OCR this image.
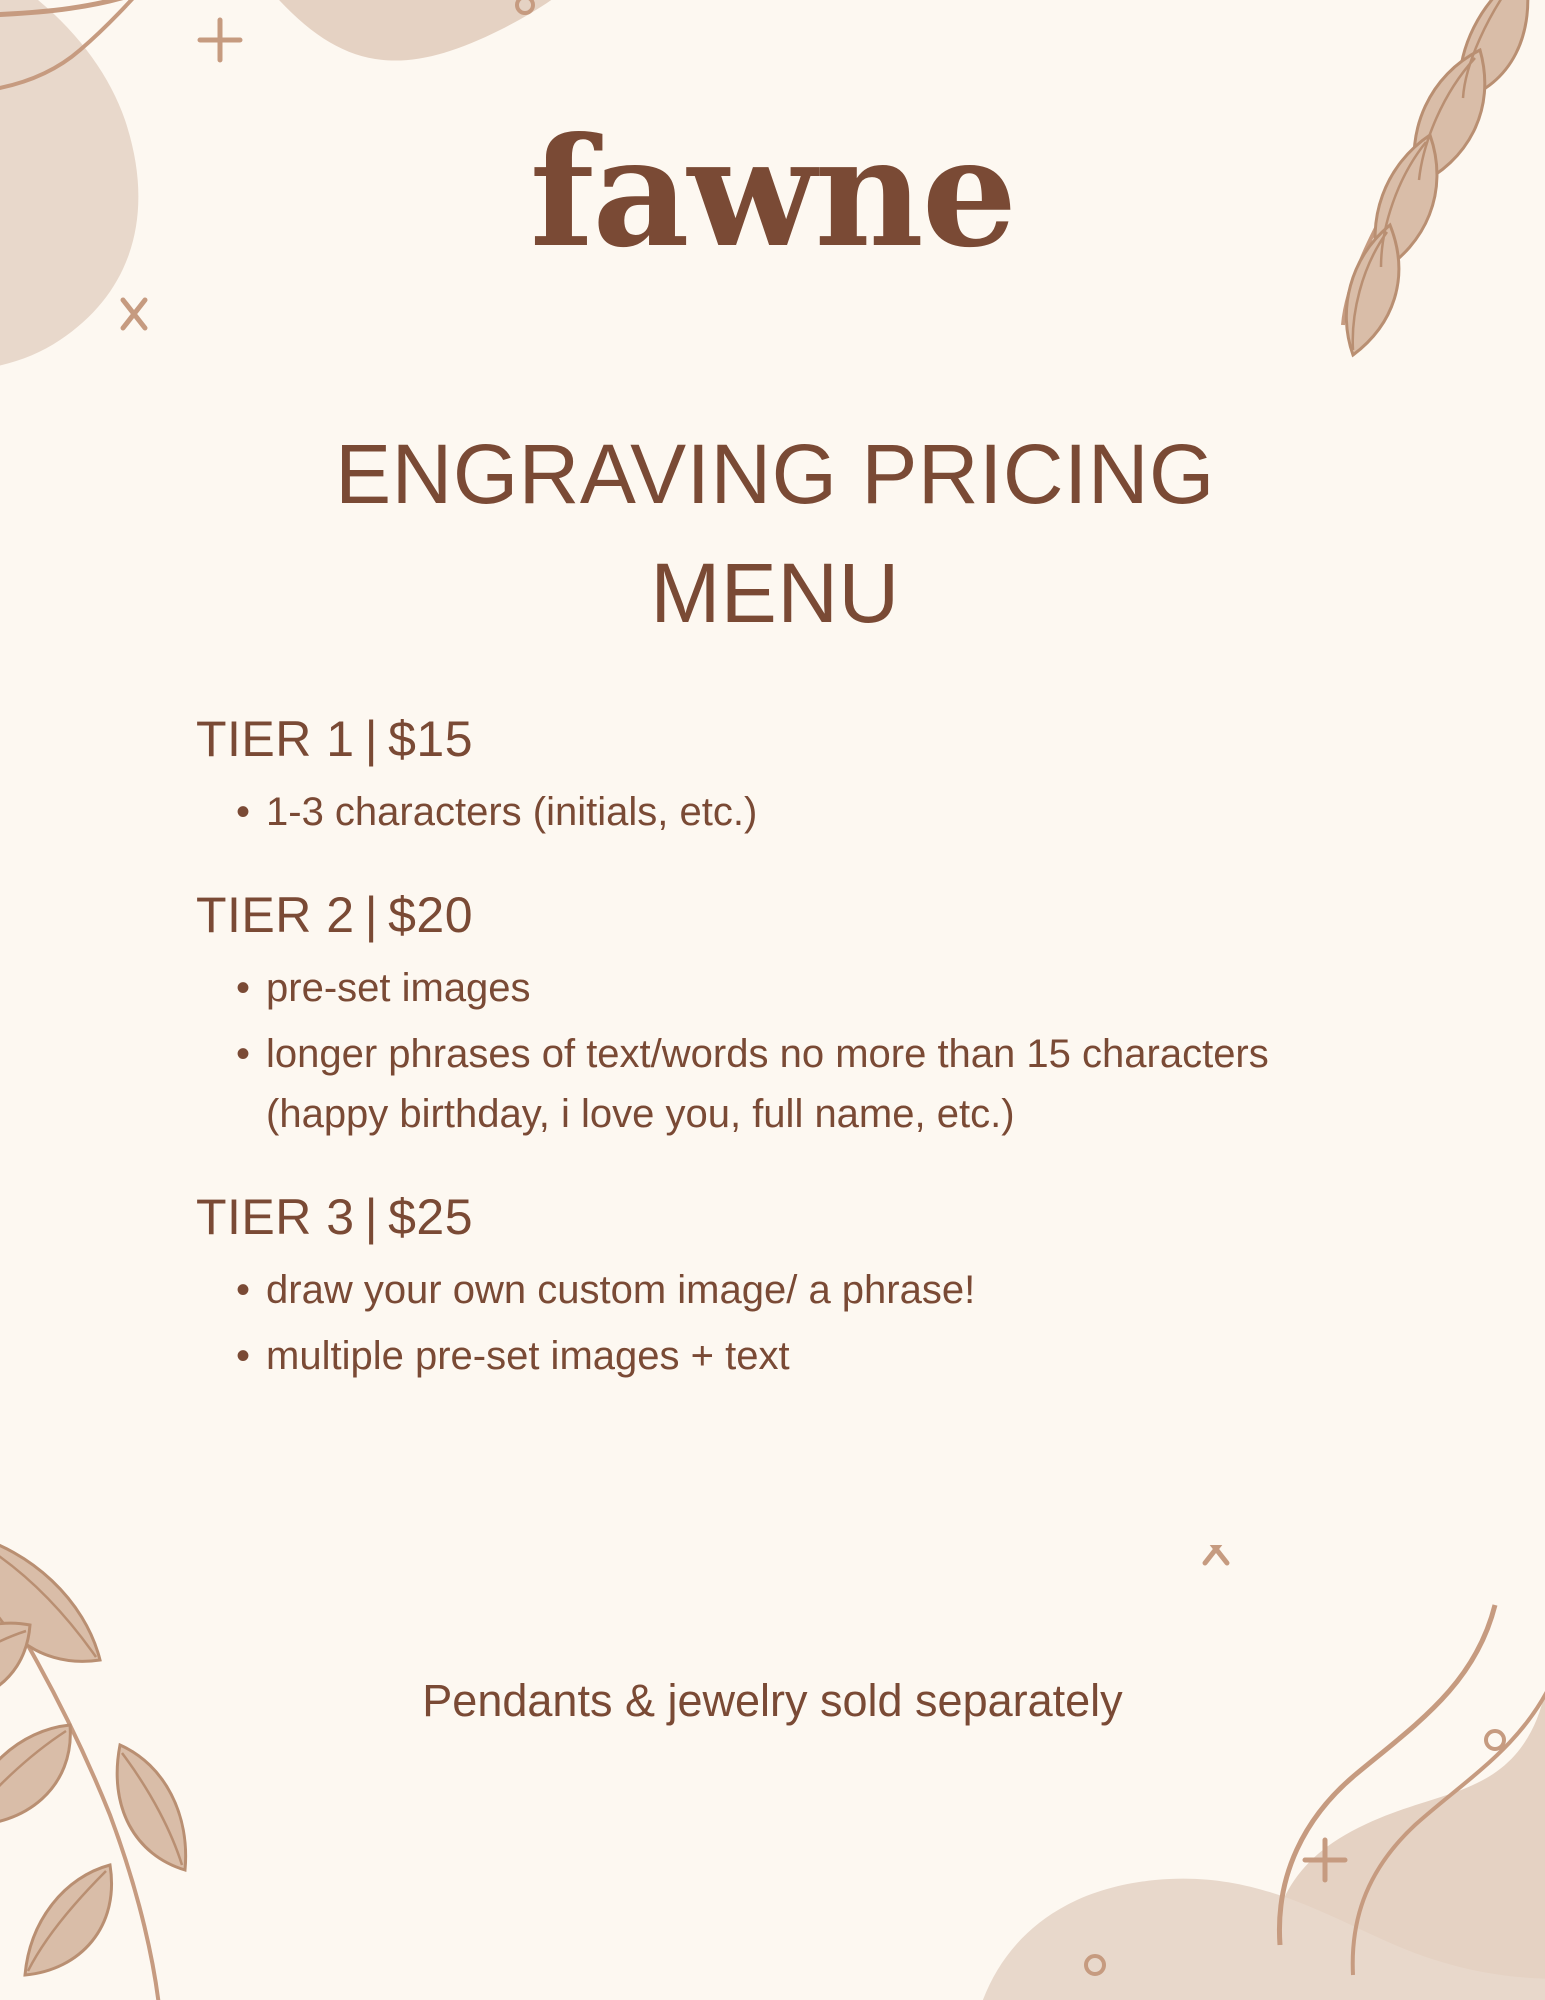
fawne
ENGRAVING PRICING
MENU
TIER 1 | $15
• 1-3 characters (initials, etc.)
TIER 2 | $20
• pre-set images
• longer phrases of text/words no more than 15 characters (happy birthday, i love you, full name, etc.)
TIER 3 | $25
• draw your own custom image/ a phrase!
• multiple pre-set images + text
Pendants & jewelry sold separately
